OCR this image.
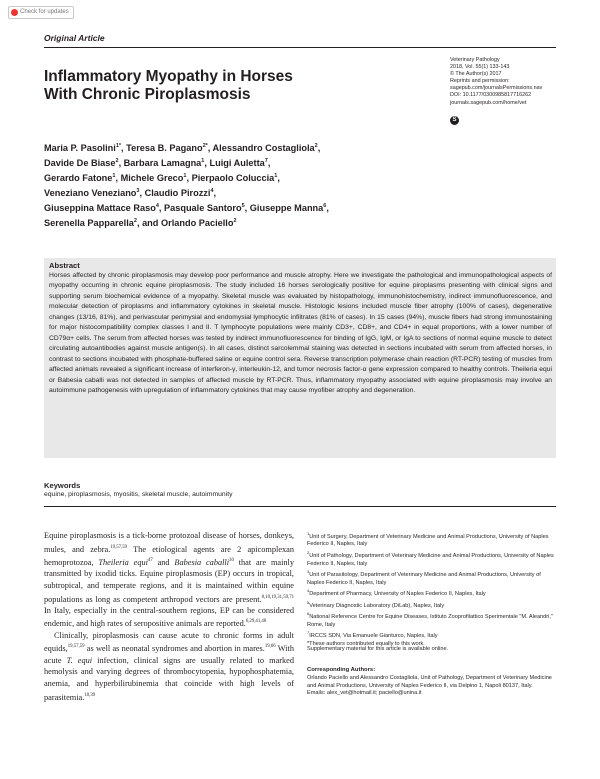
Check for updates
Original Article
Inflammatory Myopathy in Horses
With Chronic Piroplasmosis
Veterinary Pathology
2018, Vol. 55(1) 133-143
© The Author(s) 2017
Reprints and permission:
sagepub.com/journalsPermissions.nav
DOI: 10.1177/0300985817716262
journals.sagepub.com/home/vet
S
Maria P. Pasolini$^{1*}$, Teresa B. Pagano$^{2*}$, Alessandro Costagliola$^2$,
Davide De Biase$^2$, Barbara Lamagna$^1$, Luigi Auletta$^7$,
Gerardo Fatone$^1$, Michele Greco$^1$, Pierpaolo Coluccia$^1$,
Veneziano Veneziano$^3$, Claudio Pirozzi$^4$,
Giuseppina Mattace Raso$^4$, Pasquale Santoro$^5$, Giuseppe Manna$^6$,
Serenella Papparella$^2$, and Orlando Paciello$^2$
Abstract
Horses affected by chronic piroplasmosis may develop poor performance and muscle atrophy. Here we investigate the pathological and immunopathological aspects of myopathy occurring in chronic equine piroplasmosis. The study included 16 horses serologically positive for equine piroplasms presenting with clinical signs and supporting serum biochemical evidence of a myopathy. Skeletal muscle was evaluated by histopathology, immunohistochemistry, indirect immunofluorescence, and molecular detection of piroplasms and inflammatory cytokines in skeletal muscle. Histologic lesions included muscle fiber atrophy (100% of cases), degenerative changes (13/16, 81%), and perivascular perimysial and endomysial lymphocytic infiltrates (81% of cases). In 15 cases (94%), muscle fibers had strong immunostaining for major histocompatibility complex classes I and II. T lymphocyte populations were mainly CD3+, CD8+, and CD4+ in equal proportions, with a lower number of CD79α+ cells. The serum from affected horses was tested by indirect immunofluorescence for binding of IgG, IgM, or IgA to sections of normal equine muscle to detect circulating autoantibodies against muscle antigen(s). In all cases, distinct sarcolemmal staining was detected in sections incubated with serum from affected horses, in contrast to sections incubated with phosphate-buffered saline or equine control sera. Reverse transcription polymerase chain reaction (RT-PCR) testing of muscles from affected animals revealed a significant increase of interferon-γ, interleukin-12, and tumor necrosis factor-α gene expression compared to healthy controls. Theileria equi or Babesia caballi was not detected in samples of affected muscle by RT-PCR. Thus, inflammatory myopathy associated with equine piroplasmosis may involve an autoimmune pathogenesis with upregulation of inflammatory cytokines that may cause myofiber atrophy and degeneration.
Keywords
equine, piroplasmosis, myositis, skeletal muscle, autoimmunity

Equine piroplasmosis is a tick-borne protozoal disease of horses, donkeys, mules, and zebra.$^{19,57,59}$ The etiological agents are 2 apicomplexan hemoprotozoa, Theileria equi$^{47}$ and Babesia caballi$^{30}$ that are mainly transmitted by ixodid ticks. Equine piroplasmosis (EP) occurs in tropical, subtropical, and temperate regions, and it is maintained within equine populations as long as competent arthropod vectors are present.$^{8,10,19,31,59,71}$ In Italy, especially in the central-southern regions, EP can be considered endemic, and high rates of seropositive animals are reported.$^{6,29,41,48}$

Clinically, piroplasmosis can cause acute to chronic forms in adult equids,$^{19,57,59}$ as well as neonatal syndromes and abortion in mares.$^{19,66}$ With acute T. equi infection, clinical signs are usually related to marked hemolysis and varying degrees of thrombocytopenia, hypophosphatemia, anemia, and hyperbilirubinemia that coincide with high levels of parasitemia.$^{18,39}$

$^1$Unit of Surgery, Department of Veterinary Medicine and Animal Productions, University of Naples Federico II, Naples, Italy
$^2$Unit of Pathology, Department of Veterinary Medicine and Animal Productions, University of Naples Federico II, Naples, Italy
$^3$Unit of Parasitology, Department of Veterinary Medicine and Animal Productions, University of Naples Federico II, Naples, Italy
$^4$Department of Pharmacy, University of Naples Federico II, Naples, Italy
$^5$Veterinary Diagnostic Laboratory (DiLab), Naples, Italy
$^6$National Reference Centre for Equine Diseases, Istituto Zooprofilattico Sperimentale "M. Aleandri," Rome, Italy
$^7$IRCCS SDN, Via Emanuele Gianturco, Naples, Italy
*These authors contributed equally to this work.
Supplementary material for this article is available online.
Corresponding Authors:
Orlando Paciello and Alessandro Costagliola, Unit of Pathology, Department of Veterinary Medicine and Animal Productions, University of Naples Federico II, via Delpino 1, Napoli 80137, Italy.
Emails: alex_vet@hotmail.it; paciello@unina.it
